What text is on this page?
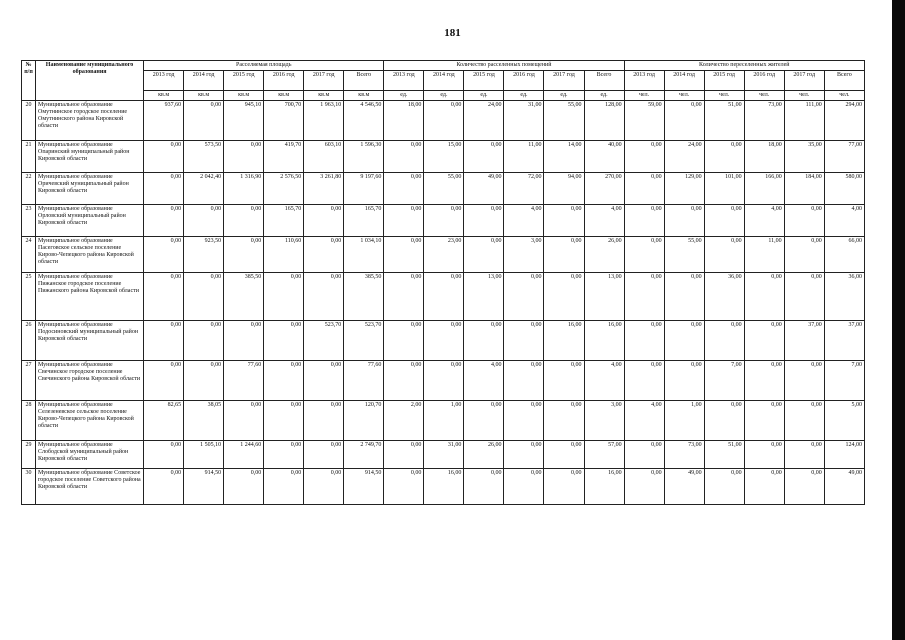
181
№ п/п	Наименование муниципального образования	Расселяемая площадь						Количество расселенных помещений						Количество переселенных жителей					
		2013 год	2014 год	2015 год	2016 год	2017 год	Всего	2013 год	2014 год	2015 год	2016 год	2017 год	Всего	2013 год	2014 год	2015 год	2016 год	2017 год	Всего
		кв.м	кв.м	кв.м	кв.м	кв.м	кв.м	ед.	ед.	ед.	ед.	ед.	ед.	чел.	чел.	чел.	чел.	чел.	чел.
20	Муниципальное образование Омутнинское городское поселение Омутнинского района Кировской области	937,60	0,00	945,10	700,70	1 963,10	4 546,50	18,00	0,00	24,00	31,00	55,00	128,00	59,00	0,00	51,00	73,00	111,00	294,00
21	Муниципальное образование Опаринский муниципальный район Кировской области	0,00	573,50	0,00	419,70	603,10	1 596,30	0,00	15,00	0,00	11,00	14,00	40,00	0,00	24,00	0,00	18,00	35,00	77,00
22	Муниципальное образование Оричевский муниципальный район Кировской области	0,00	2 042,40	1 316,90	2 576,50	3 261,80	9 197,60	0,00	55,00	49,00	72,00	94,00	270,00	0,00	129,00	101,00	166,00	184,00	580,00
23	Муниципальное образование Орловский муниципальный район Кировской области	0,00	0,00	0,00	165,70	0,00	165,70	0,00	0,00	0,00	4,00	0,00	4,00	0,00	0,00	0,00	4,00	0,00	4,00
24	Муниципальное образование Пасеговское сельское поселение Кирово-Чепецкого района Кировской области	0,00	923,50	0,00	110,60	0,00	1 034,10	0,00	23,00	0,00	3,00	0,00	26,00	0,00	55,00	0,00	11,00	0,00	66,00
25	Муниципальное образование Пижанское городское поселение Пижанского района Кировской области	0,00	0,00	385,50	0,00	0,00	385,50	0,00	0,00	13,00	0,00	0,00	13,00	0,00	0,00	36,00	0,00	0,00	36,00
26	Муниципальное образование Подосиновский муниципальный район Кировской области	0,00	0,00	0,00	0,00	523,70	523,70	0,00	0,00	0,00	0,00	16,00	16,00	0,00	0,00	0,00	0,00	37,00	37,00
27	Муниципальное образование Свечинское городское поселение Свечинского района Кировской области	0,00	0,00	77,60	0,00	0,00	77,60	0,00	0,00	4,00	0,00	0,00	4,00	0,00	0,00	7,00	0,00	0,00	7,00
28	Муниципальное образование Селезеневское сельское поселение Кирово-Чепецкого района Кировской области	82,65	38,05	0,00	0,00	0,00	120,70	2,00	1,00	0,00	0,00	0,00	3,00	4,00	1,00	0,00	0,00	0,00	5,00
29	Муниципальное образование Слободской муниципальный район Кировской области	0,00	1 505,10	1 244,60	0,00	0,00	2 749,70	0,00	31,00	26,00	0,00	0,00	57,00	0,00	73,00	51,00	0,00	0,00	124,00
30	Муниципальное образование Советское городское поселение Советского района Кировской области	0,00	914,50	0,00	0,00	0,00	914,50	0,00	16,00	0,00	0,00	0,00	16,00	0,00	49,00	0,00	0,00	0,00	49,00
